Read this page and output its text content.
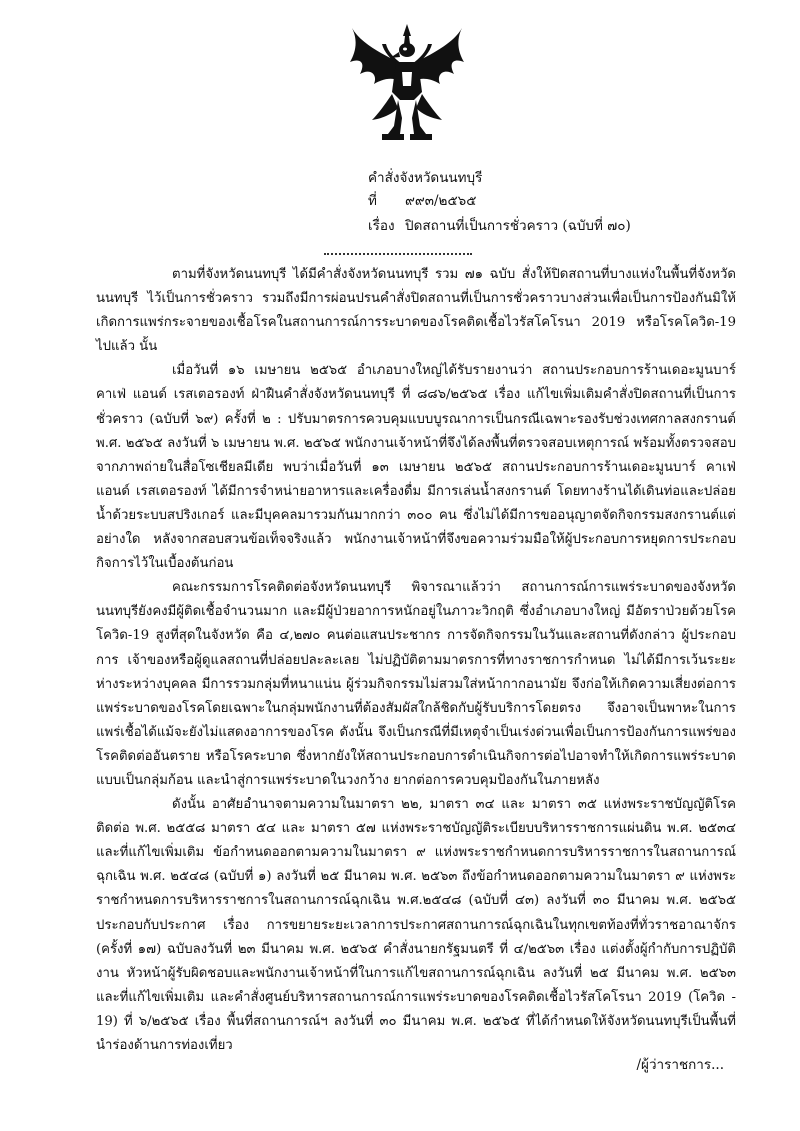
คำสั่งจังหวัดนนทบุรี
ที่ ๙๙๓/๒๕๖๕
เรื่อง ปิดสถานที่เป็นการชั่วคราว (ฉบับที่ ๗๐)

ตามที่จังหวัดนนทบุรี ได้มีคำสั่งจังหวัดนนทบุรี รวม ๗๑ ฉบับ สั่งให้ปิดสถานที่บางแห่งในพื้นที่จังหวัดนนทบุรี ไว้เป็นการชั่วคราว รวมถึงมีการผ่อนปรนคำสั่งปิดสถานที่เป็นการชั่วคราวบางส่วนเพื่อเป็นการป้องกันมิให้เกิดการแพร่กระจายของเชื้อโรคในสถานการณ์การระบาดของโรคติดเชื้อไวรัสโคโรนา 2019 หรือโรคโควิด-19 ไปแล้ว นั้น

เมื่อวันที่ ๑๖ เมษายน ๒๕๖๕ อำเภอบางใหญ่ได้รับรายงานว่า สถานประกอบการร้านเดอะมูนบาร์ คาเฟ่ แอนด์ เรสเตอรองท์ ฝ่าฝืนคำสั่งจังหวัดนนทบุรี ที่ ๘๘๖/๒๕๖๕ เรื่อง แก้ไขเพิ่มเติมคำสั่งปิดสถานที่เป็นการชั่วคราว (ฉบับที่ ๖๙) ครั้งที่ ๒ : ปรับมาตรการควบคุมแบบบูรณาการเป็นกรณีเฉพาะรองรับช่วงเทศกาลสงกรานต์ พ.ศ. ๒๕๖๕ ลงวันที่ ๖ เมษายน พ.ศ. ๒๕๖๕ พนักงานเจ้าหน้าที่จึงได้ลงพื้นที่ตรวจสอบเหตุการณ์ พร้อมทั้งตรวจสอบจากภาพถ่ายในสื่อโซเชียลมีเดีย พบว่าเมื่อวันที่ ๑๓ เมษายน ๒๕๖๕ สถานประกอบการร้านเดอะมูนบาร์ คาเฟ่ แอนด์ เรสเตอรองท์ ได้มีการจำหน่ายอาหารและเครื่องดื่ม มีการเล่นน้ำสงกรานต์ โดยทางร้านได้เดินท่อและปล่อยน้ำด้วยระบบสปริงเกอร์ และมีบุคคลมารวมกันมากกว่า ๓๐๐ คน ซึ่งไม่ได้มีการขออนุญาตจัดกิจกรรมสงกรานต์แต่อย่างใด หลังจากสอบสวนข้อเท็จจริงแล้ว พนักงานเจ้าหน้าที่จึงขอความร่วมมือให้ผู้ประกอบการหยุดการประกอบกิจการไว้ในเบื้องต้นก่อน

คณะกรรมการโรคติดต่อจังหวัดนนทบุรี พิจารณาแล้วว่า สถานการณ์การแพร่ระบาดของจังหวัดนนทบุรียังคงมีผู้ติดเชื้อจำนวนมาก และมีผู้ป่วยอาการหนักอยู่ในภาวะวิกฤติ ซึ่งอำเภอบางใหญ่ มีอัตราป่วยด้วยโรคโควิด-19 สูงที่สุดในจังหวัด คือ ๔,๒๗๐ คนต่อแสนประชากร การจัดกิจกรรมในวันและสถานที่ดังกล่าว ผู้ประกอบการ เจ้าของหรือผู้ดูแลสถานที่ปล่อยปละละเลย ไม่ปฏิบัติตามมาตรการที่ทางราชการกำหนด ไม่ได้มีการเว้นระยะห่างระหว่างบุคคล มีการรวมกลุ่มที่หนาแน่น ผู้ร่วมกิจกรรมไม่สวมใส่หน้ากากอนามัย จึงก่อให้เกิดความเสี่ยงต่อการแพร่ระบาดของโรคโดยเฉพาะในกลุ่มพนักงานที่ต้องสัมผัสใกล้ชิดกับผู้รับบริการโดยตรง จึงอาจเป็นพาหะในการแพร่เชื้อได้แม้จะยังไม่แสดงอาการของโรค ดังนั้น จึงเป็นกรณีที่มีเหตุจำเป็นเร่งด่วนเพื่อเป็นการป้องกันการแพร่ของโรคติดต่ออันตราย หรือโรคระบาด ซึ่งหากยังให้สถานประกอบการดำเนินกิจการต่อไปอาจทำให้เกิดการแพร่ระบาดแบบเป็นกลุ่มก้อน และนำสู่การแพร่ระบาดในวงกว้าง ยากต่อการควบคุมป้องกันในภายหลัง

ดังนั้น อาศัยอำนาจตามความในมาตรา ๒๒, มาตรา ๓๔ และ มาตรา ๓๕ แห่งพระราชบัญญัติโรคติดต่อ พ.ศ. ๒๕๕๘ มาตรา ๕๔ และ มาตรา ๕๗ แห่งพระราชบัญญัติระเบียบบริหารราชการแผ่นดิน พ.ศ. ๒๕๓๔ และที่แก้ไขเพิ่มเติม ข้อกำหนดออกตามความในมาตรา ๙ แห่งพระราชกำหนดการบริหารราชการในสถานการณ์ฉุกเฉิน พ.ศ. ๒๕๔๘ (ฉบับที่ ๑) ลงวันที่ ๒๕ มีนาคม พ.ศ. ๒๕๖๓ ถึงข้อกำหนดออกตามความในมาตรา ๙ แห่งพระราชกำหนดการบริหารราชการในสถานการณ์ฉุกเฉิน พ.ศ.๒๕๔๘ (ฉบับที่ ๔๓) ลงวันที่ ๓๐ มีนาคม พ.ศ. ๒๕๖๕ ประกอบกับประกาศ เรื่อง การขยายระยะเวลาการประกาศสถานการณ์ฉุกเฉินในทุกเขตท้องที่ทั่วราชอาณาจักร (ครั้งที่ ๑๗) ฉบับลงวันที่ ๒๓ มีนาคม พ.ศ. ๒๕๖๕ คำสั่งนายกรัฐมนตรี ที่ ๔/๒๕๖๓ เรื่อง แต่งตั้งผู้กำกับการปฏิบัติงาน หัวหน้าผู้รับผิดชอบและพนักงานเจ้าหน้าที่ในการแก้ไขสถานการณ์ฉุกเฉิน ลงวันที่ ๒๕ มีนาคม พ.ศ. ๒๕๖๓ และที่แก้ไขเพิ่มเติม และคำสั่งศูนย์บริหารสถานการณ์การแพร่ระบาดของโรคติดเชื้อไวรัสโคโรนา 2019 (โควิด - 19) ที่ ๖/๒๕๖๕ เรื่อง พื้นที่สถานการณ์ฯ ลงวันที่ ๓๐ มีนาคม พ.ศ. ๒๕๖๕ ที่ได้กำหนดให้จังหวัดนนทบุรีเป็นพื้นที่นำร่องด้านการท่องเที่ยว

/ผู้ว่าราชการ...
